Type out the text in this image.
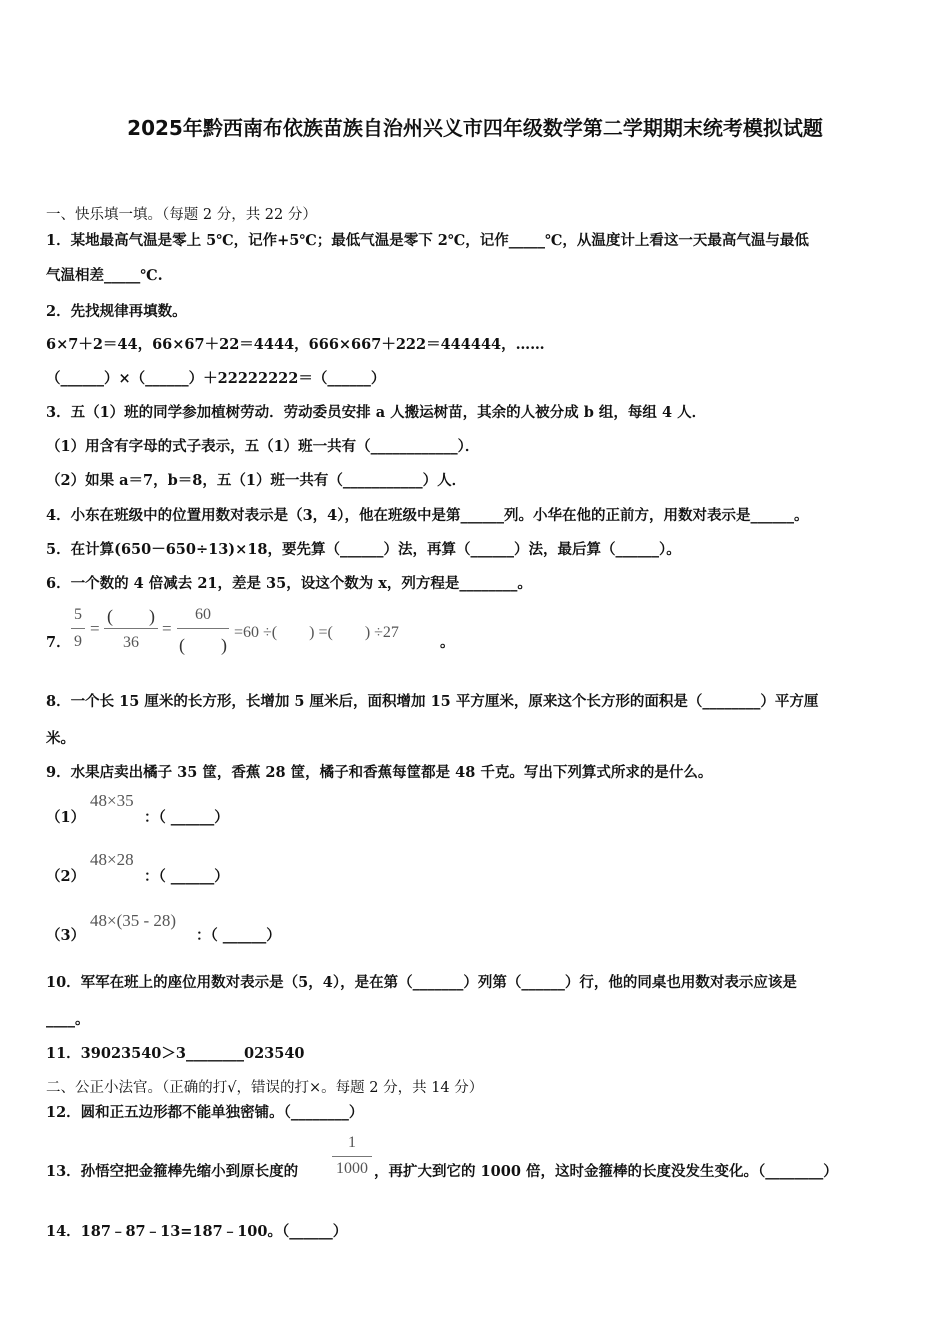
2025年黔西南布依族苗族自治州兴义市四年级数学第二学期期末统考模拟试题
一、快乐填一填。（每题 2 分，共 22 分）
1．某地最高气温是零上 5℃，记作+5℃；最低气温是零下 2℃，记作_____℃，从温度计上看这一天最高气温与最低
气温相差_____℃.
2．先找规律再填数。
6×7＋2＝44，66×67＋22＝4444，666×667＋222＝444444，……
（______）×（______）＋22222222＝（______）
3．五（1）班的同学参加植树劳动．劳动委员安排 a 人搬运树苗，其余的人被分成 b 组，每组 4 人．
（1）用含有字母的式子表示，五（1）班一共有（____________）．
（2）如果 a＝7，b＝8，五（1）班一共有（___________）人．
4．小东在班级中的位置用数对表示是（3，4），他在班级中是第______列。小华在他的正前方，用数对表示是______。
5．在计算(650－650÷13)×18，要先算（______）法，再算（______）法，最后算（______）。
6．一个数的 4 倍减去 21，差是 35，设这个数为 x，列方程是________。
7．
5
9
=
(　　)
36
=
60
(　　)
=60 ÷(　　) =(　　) ÷27
。
8．一个长 15 厘米的长方形，长增加 5 厘米后，面积增加 15 平方厘米，原来这个长方形的面积是（________）平方厘
米。
9．水果店卖出橘子 35 筐，香蕉 28 筐，橘子和香蕉每筐都是 48 千克。写出下列算式所求的是什么。
（1）
48×35
：（ ______）
（2）
48×28
：（ ______）
（3）
48×(35 - 28)
：（ ______）
10．军军在班上的座位用数对表示是（5，4），是在第（_______）列第（______）行，他的同桌也用数对表示应该是
____。
11．39023540＞3________023540
二、公正小法官。（正确的打√，错误的打×。每题 2 分，共 14 分）
12．圆和正五边形都不能单独密铺。（________）
13．孙悟空把金箍棒先缩小到原长度的
1
1000 ，再扩大到它的 1000 倍，这时金箍棒的长度没发生变化。（________）
14．187﹣87﹣13=187﹣100。（______）
